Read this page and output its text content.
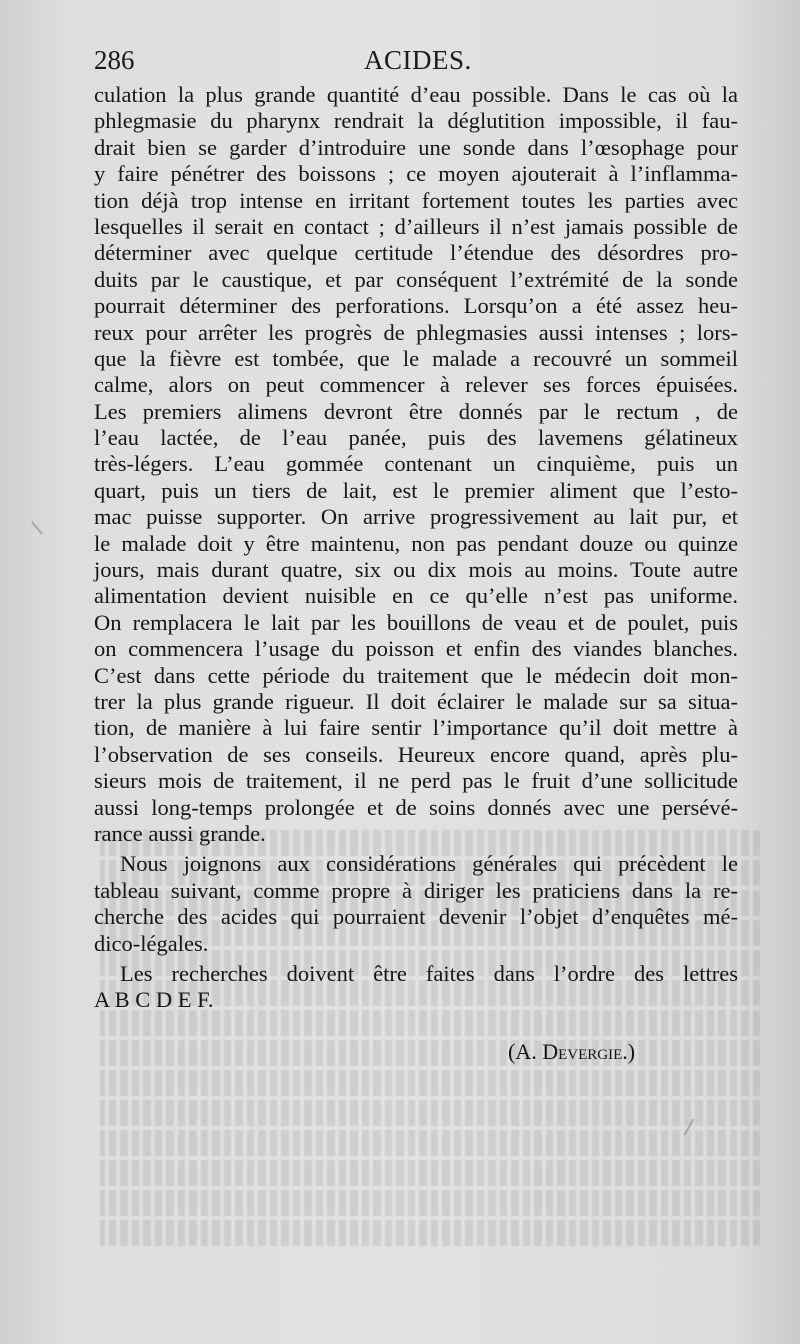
286	ACIDES.
culation la plus grande quantité d’eau possible. Dans le cas où la
phlegmasie du pharynx rendrait la déglutition impossible, il fau-
drait bien se garder d’introduire une sonde dans l’œsophage pour
y faire pénétrer des boissons ; ce moyen ajouterait à l’inflamma-
tion déjà trop intense en irritant fortement toutes les parties avec
lesquelles il serait en contact ; d’ailleurs il n’est jamais possible de
déterminer avec quelque certitude l’étendue des désordres pro-
duits par le caustique, et par conséquent l’extrémité de la sonde
pourrait déterminer des perforations. Lorsqu’on a été assez heu-
reux pour arrêter les progrès de phlegmasies aussi intenses ; lors-
que la fièvre est tombée, que le malade a recouvré un sommeil
calme, alors on peut commencer à relever ses forces épuisées.
Les premiers alimens devront être donnés par le rectum , de
l’eau lactée, de l’eau panée, puis des lavemens gélatineux
très-légers. L’eau gommée contenant un cinquième, puis un
quart, puis un tiers de lait, est le premier aliment que l’esto-
mac puisse supporter. On arrive progressivement au lait pur, et
le malade doit y être maintenu, non pas pendant douze ou quinze
jours, mais durant quatre, six ou dix mois au moins. Toute autre
alimentation devient nuisible en ce qu’elle n’est pas uniforme.
On remplacera le lait par les bouillons de veau et de poulet, puis
on commencera l’usage du poisson et enfin des viandes blanches.
C’est dans cette période du traitement que le médecin doit mon-
trer la plus grande rigueur. Il doit éclairer le malade sur sa situa-
tion, de manière à lui faire sentir l’importance qu’il doit mettre à
l’observation de ses conseils. Heureux encore quand, après plu-
sieurs mois de traitement, il ne perd pas le fruit d’une sollicitude
aussi long-temps prolongée et de soins donnés avec une persévé-
rance aussi grande.
Nous joignons aux considérations générales qui précèdent le
tableau suivant, comme propre à diriger les praticiens dans la re-
cherche des acides qui pourraient devenir l’objet d’enquêtes mé-
dico-légales.
Les recherches doivent être faites dans l’ordre des lettres
A B C D E F.
(A. Devergie.)
